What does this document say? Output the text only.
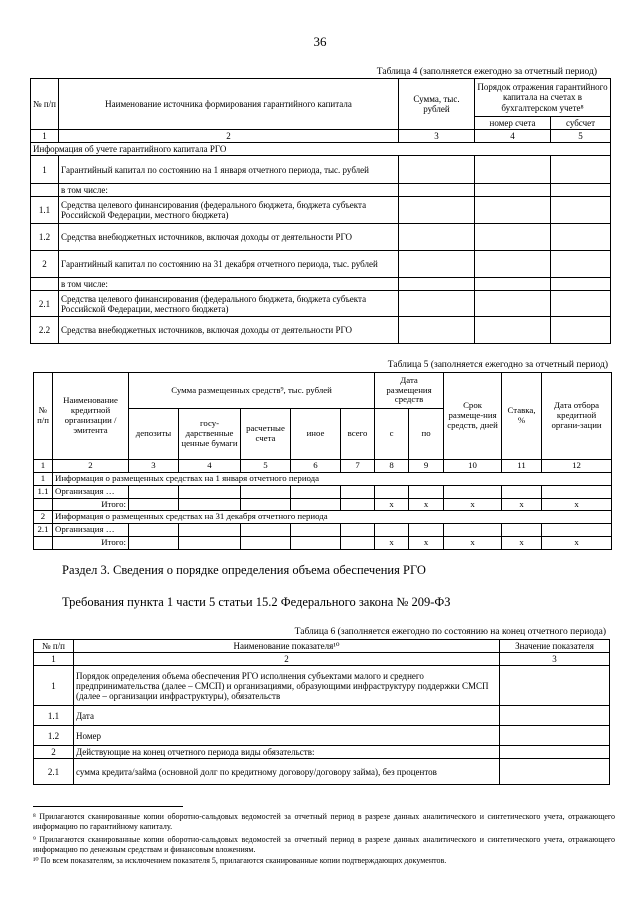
36
Таблица 4 (заполняется ежегодно за отчетный период)
№ п/п	Наименование источника формирования гарантийного капитала	Сумма, тыс. рублей	Порядок отражения гарантийного капитала на счетах в бухгалтерском учете⁸	
			номер счета	субсчет
1	2	3	4	5
Информация об учете гарантийного капитала РГО				
1	Гарантийный капитал по состоянию на 1 января отчетного периода, тыс. рублей			
	в том числе:			
1.1	Средства целевого финансирования (федерального бюджета, бюджета субъекта Российской Федерации, местного бюджета)			
1.2	Средства внебюджетных источников, включая доходы от деятельности РГО			
2	Гарантийный капитал по состоянию на 31 декабря отчетного периода, тыс. рублей			
	в том числе:			
2.1	Средства целевого финансирования (федерального бюджета, бюджета субъекта Российской Федерации, местного бюджета)			
2.2	Средства внебюджетных источников, включая доходы от деятельности РГО			
Таблица 5 (заполняется ежегодно за отчетный период)
№ п/п	Наименование кредитной организации / эмитента	Сумма размещенных средств⁹, тыс. рублей					Дата размещения средств		Срок размеще-ния средств, дней	Ставка, %	Дата отбора кредитной органи-зации
		депозиты	госу-дарственные ценные бумаги	расчетные счета	иное	всего	с	по			
1	2	3	4	5	6	7	8	9	10	11	12
1	Информация о размещенных средствах на 1 января отчетного периода										
1.1	Организация …										
	Итого:						х	х	х	х	х
2	Информация о размещенных средствах на 31 декабря отчетного периода										
2.1	Организация …										
	Итого:						х	х	х	х	х
Раздел 3. Сведения о порядке определения объема обеспечения РГО
Требования пункта 1 части 5 статьи 15.2 Федерального закона № 209-ФЗ
Таблица 6 (заполняется ежегодно по состоянию на конец отчетного периода)
№ п/п	Наименование показателя¹⁰	Значение показателя
1	2	3
1	Порядок определения объема обеспечения РГО исполнения субъектами малого и среднего предпринимательства (далее – СМСП) и организациями, образующими инфраструктуру поддержки СМСП (далее – организации инфраструктуры), обязательств	
1.1	Дата	
1.2	Номер	
2	Действующие на конец отчетного периода виды обязательств:	
2.1	сумма кредита/займа (основной долг по кредитному договору/договору займа), без процентов	
⁸ Прилагаются сканированные копии оборотно-сальдовых ведомостей за отчетный период в разрезе данных аналитического и синтетического учета, отражающего информацию по гарантийному капиталу.
⁹ Прилагаются сканированные копии оборотно-сальдовых ведомостей за отчетный период в разрезе данных аналитического и синтетического учета, отражающего информацию по денежным средствам и финансовым вложениям.
¹⁰ По всем показателям, за исключением показателя 5, прилагаются сканированные копии подтверждающих документов.
